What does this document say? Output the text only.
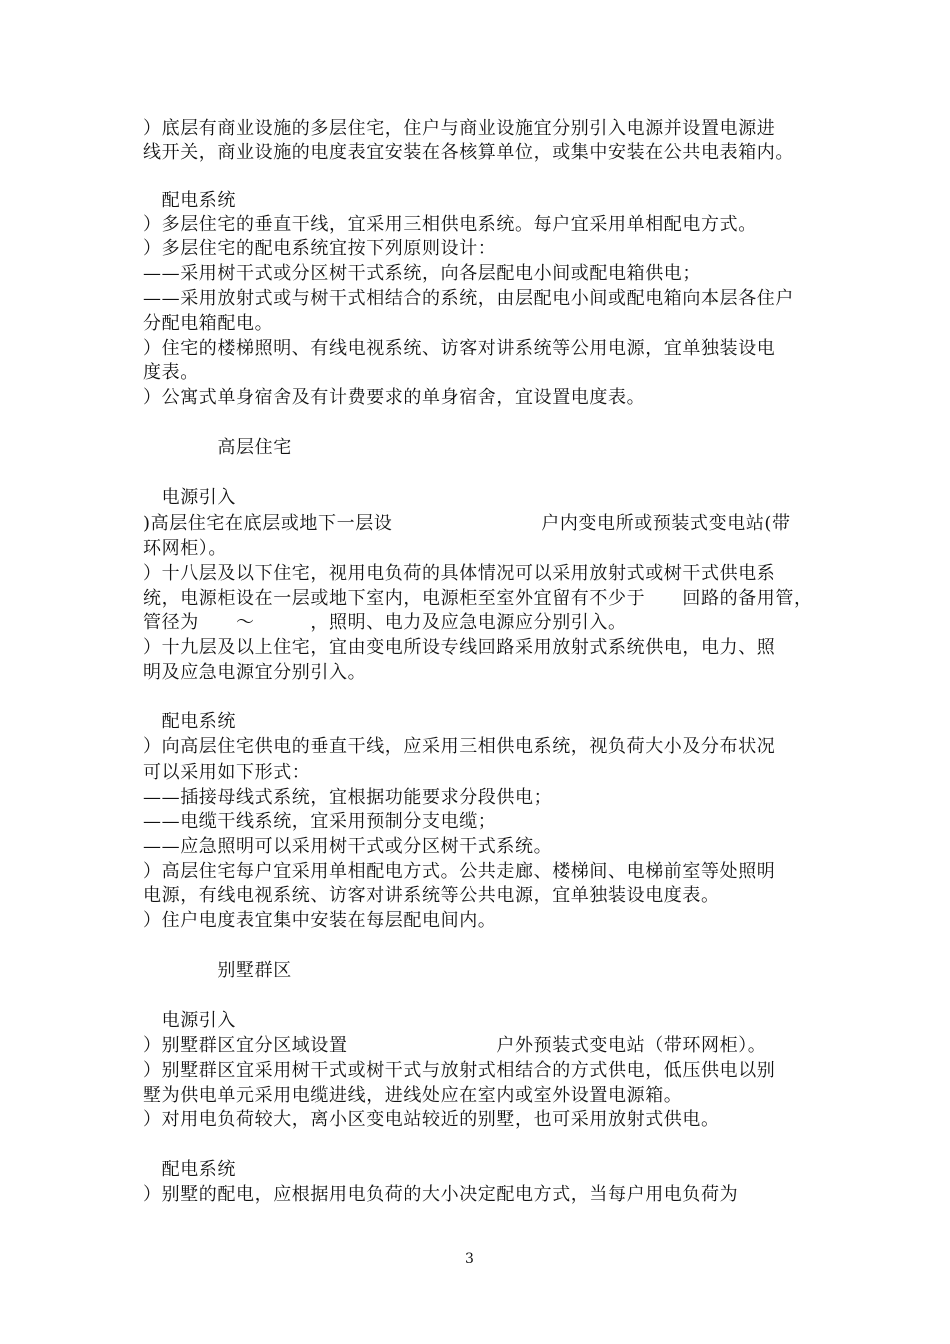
）底层有商业设施的多层住宅，住户与商业设施宜分别引入电源并设置电源进
线开关，商业设施的电度表宜安装在各核算单位，或集中安装在公共电表箱内。
　配电系统
）多层住宅的垂直干线，宜采用三相供电系统。每户宜采用单相配电方式。
）多层住宅的配电系统宜按下列原则设计：
——采用树干式或分区树干式系统，向各层配电小间或配电箱供电；
——采用放射式或与树干式相结合的系统，由层配电小间或配电箱向本层各住户
分配电箱配电。
）住宅的楼梯照明、有线电视系统、访客对讲系统等公用电源，宜单独装设电
度表。
）公寓式单身宿舍及有计费要求的单身宿舍，宜设置电度表。
　　　　高层住宅
　电源引入
)高层住宅在底层或地下一层设　　　　　　　　户内变电所或预装式变电站(带
环网柜）。
）十八层及以下住宅，视用电负荷的具体情况可以采用放射式或树干式供电系
统，电源柜设在一层或地下室内，电源柜至室外宜留有不少于　　回路的备用管，
管径为　　～　　　，照明、电力及应急电源应分别引入。
）十九层及以上住宅，宜由变电所设专线回路采用放射式系统供电，电力、照
明及应急电源宜分别引入。
　配电系统
）向高层住宅供电的垂直干线，应采用三相供电系统，视负荷大小及分布状况
可以采用如下形式：
——插接母线式系统，宜根据功能要求分段供电；
——电缆干线系统，宜采用预制分支电缆；
——应急照明可以采用树干式或分区树干式系统。
）高层住宅每户宜采用单相配电方式。公共走廊、楼梯间、电梯前室等处照明
电源，有线电视系统、访客对讲系统等公共电源，宜单独装设电度表。
）住户电度表宜集中安装在每层配电间内。
　　　　别墅群区
　电源引入
）别墅群区宜分区域设置　　　　　　　　户外预装式变电站（带环网柜）。
）别墅群区宜采用树干式或树干式与放射式相结合的方式供电，低压供电以别
墅为供电单元采用电缆进线，进线处应在室内或室外设置电源箱。
）对用电负荷较大，离小区变电站较近的别墅，也可采用放射式供电。
　配电系统
）别墅的配电，应根据用电负荷的大小决定配电方式，当每户用电负荷为
3
